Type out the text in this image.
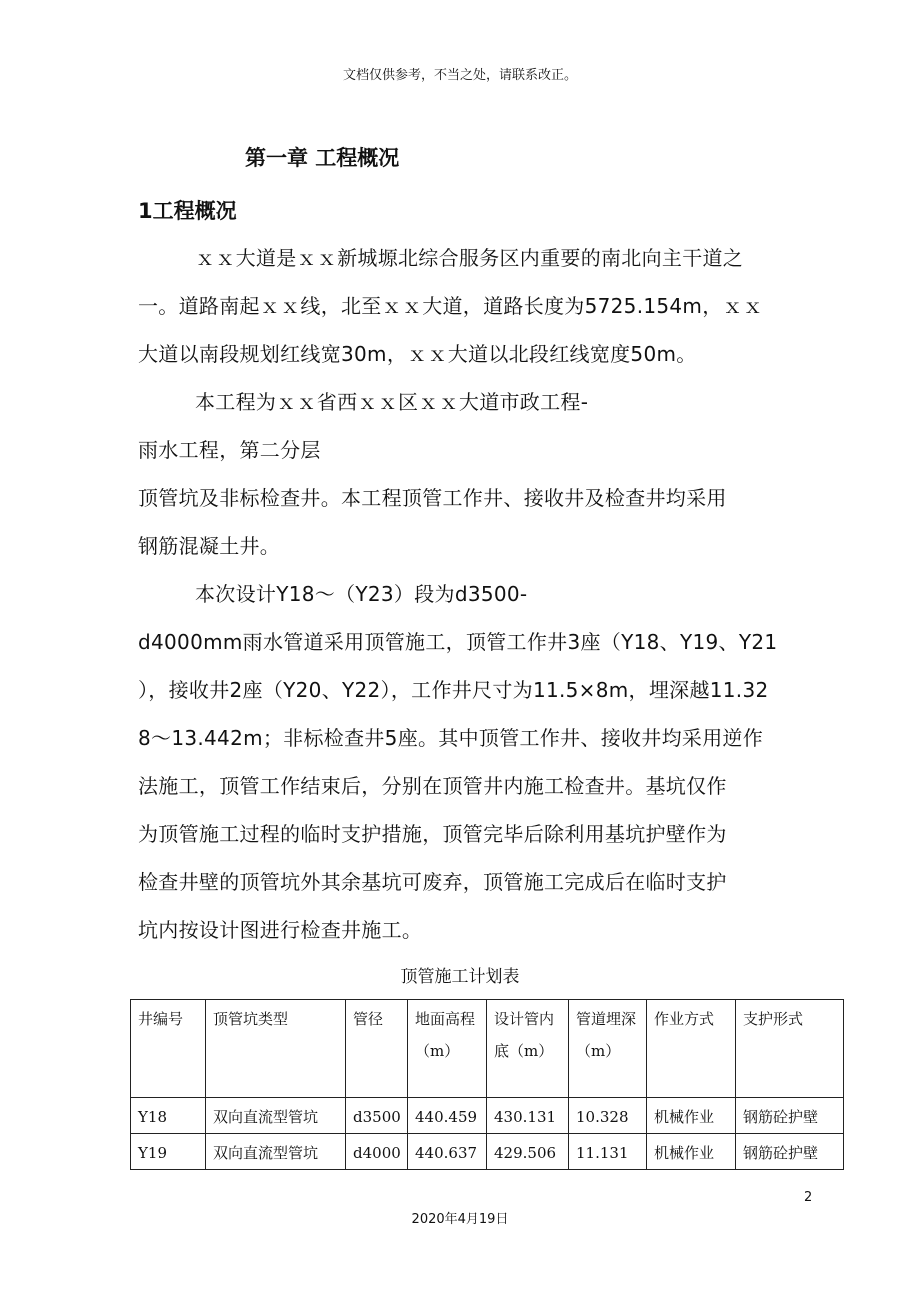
文档仅供参考，不当之处，请联系改正。
第一章 工程概况
1工程概况
ｘｘ大道是ｘｘ新城塬北综合服务区内重要的南北向主干道之
一。道路南起ｘｘ线，北至ｘｘ大道，道路长度为5725.154m，ｘｘ
大道以南段规划红线宽30m，ｘｘ大道以北段红线宽度50m。
本工程为ｘｘ省西ｘｘ区ｘｘ大道市政工程-
雨水工程，第二分层
顶管坑及非标检查井。本工程顶管工作井、接收井及检查井均采用
钢筋混凝土井。
本次设计Y18～（Y23）段为d3500-
d4000mm雨水管道采用顶管施工，顶管工作井3座（Y18、Y19、Y21
），接收井2座（Y20、Y22），工作井尺寸为11.5×8m，埋深越11.32
8～13.442m；非标检查井5座。其中顶管工作井、接收井均采用逆作
法施工，顶管工作结束后，分别在顶管井内施工检查井。基坑仅作
为顶管施工过程的临时支护措施，顶管完毕后除利用基坑护壁作为
检查井壁的顶管坑外其余基坑可废弃，顶管施工完成后在临时支护
坑内按设计图进行检查井施工。
顶管施工计划表
井编号	顶管坑类型	管径	地面高程（m）	设计管内底（m）	管道埋深（m）	作业方式	支护形式
Y18	双向直流型管坑	d3500	440.459	430.131	10.328	机械作业	钢筋砼护壁
Y19	双向直流型管坑	d4000	440.637	429.506	11.131	机械作业	钢筋砼护壁
2
2020年4月19日
